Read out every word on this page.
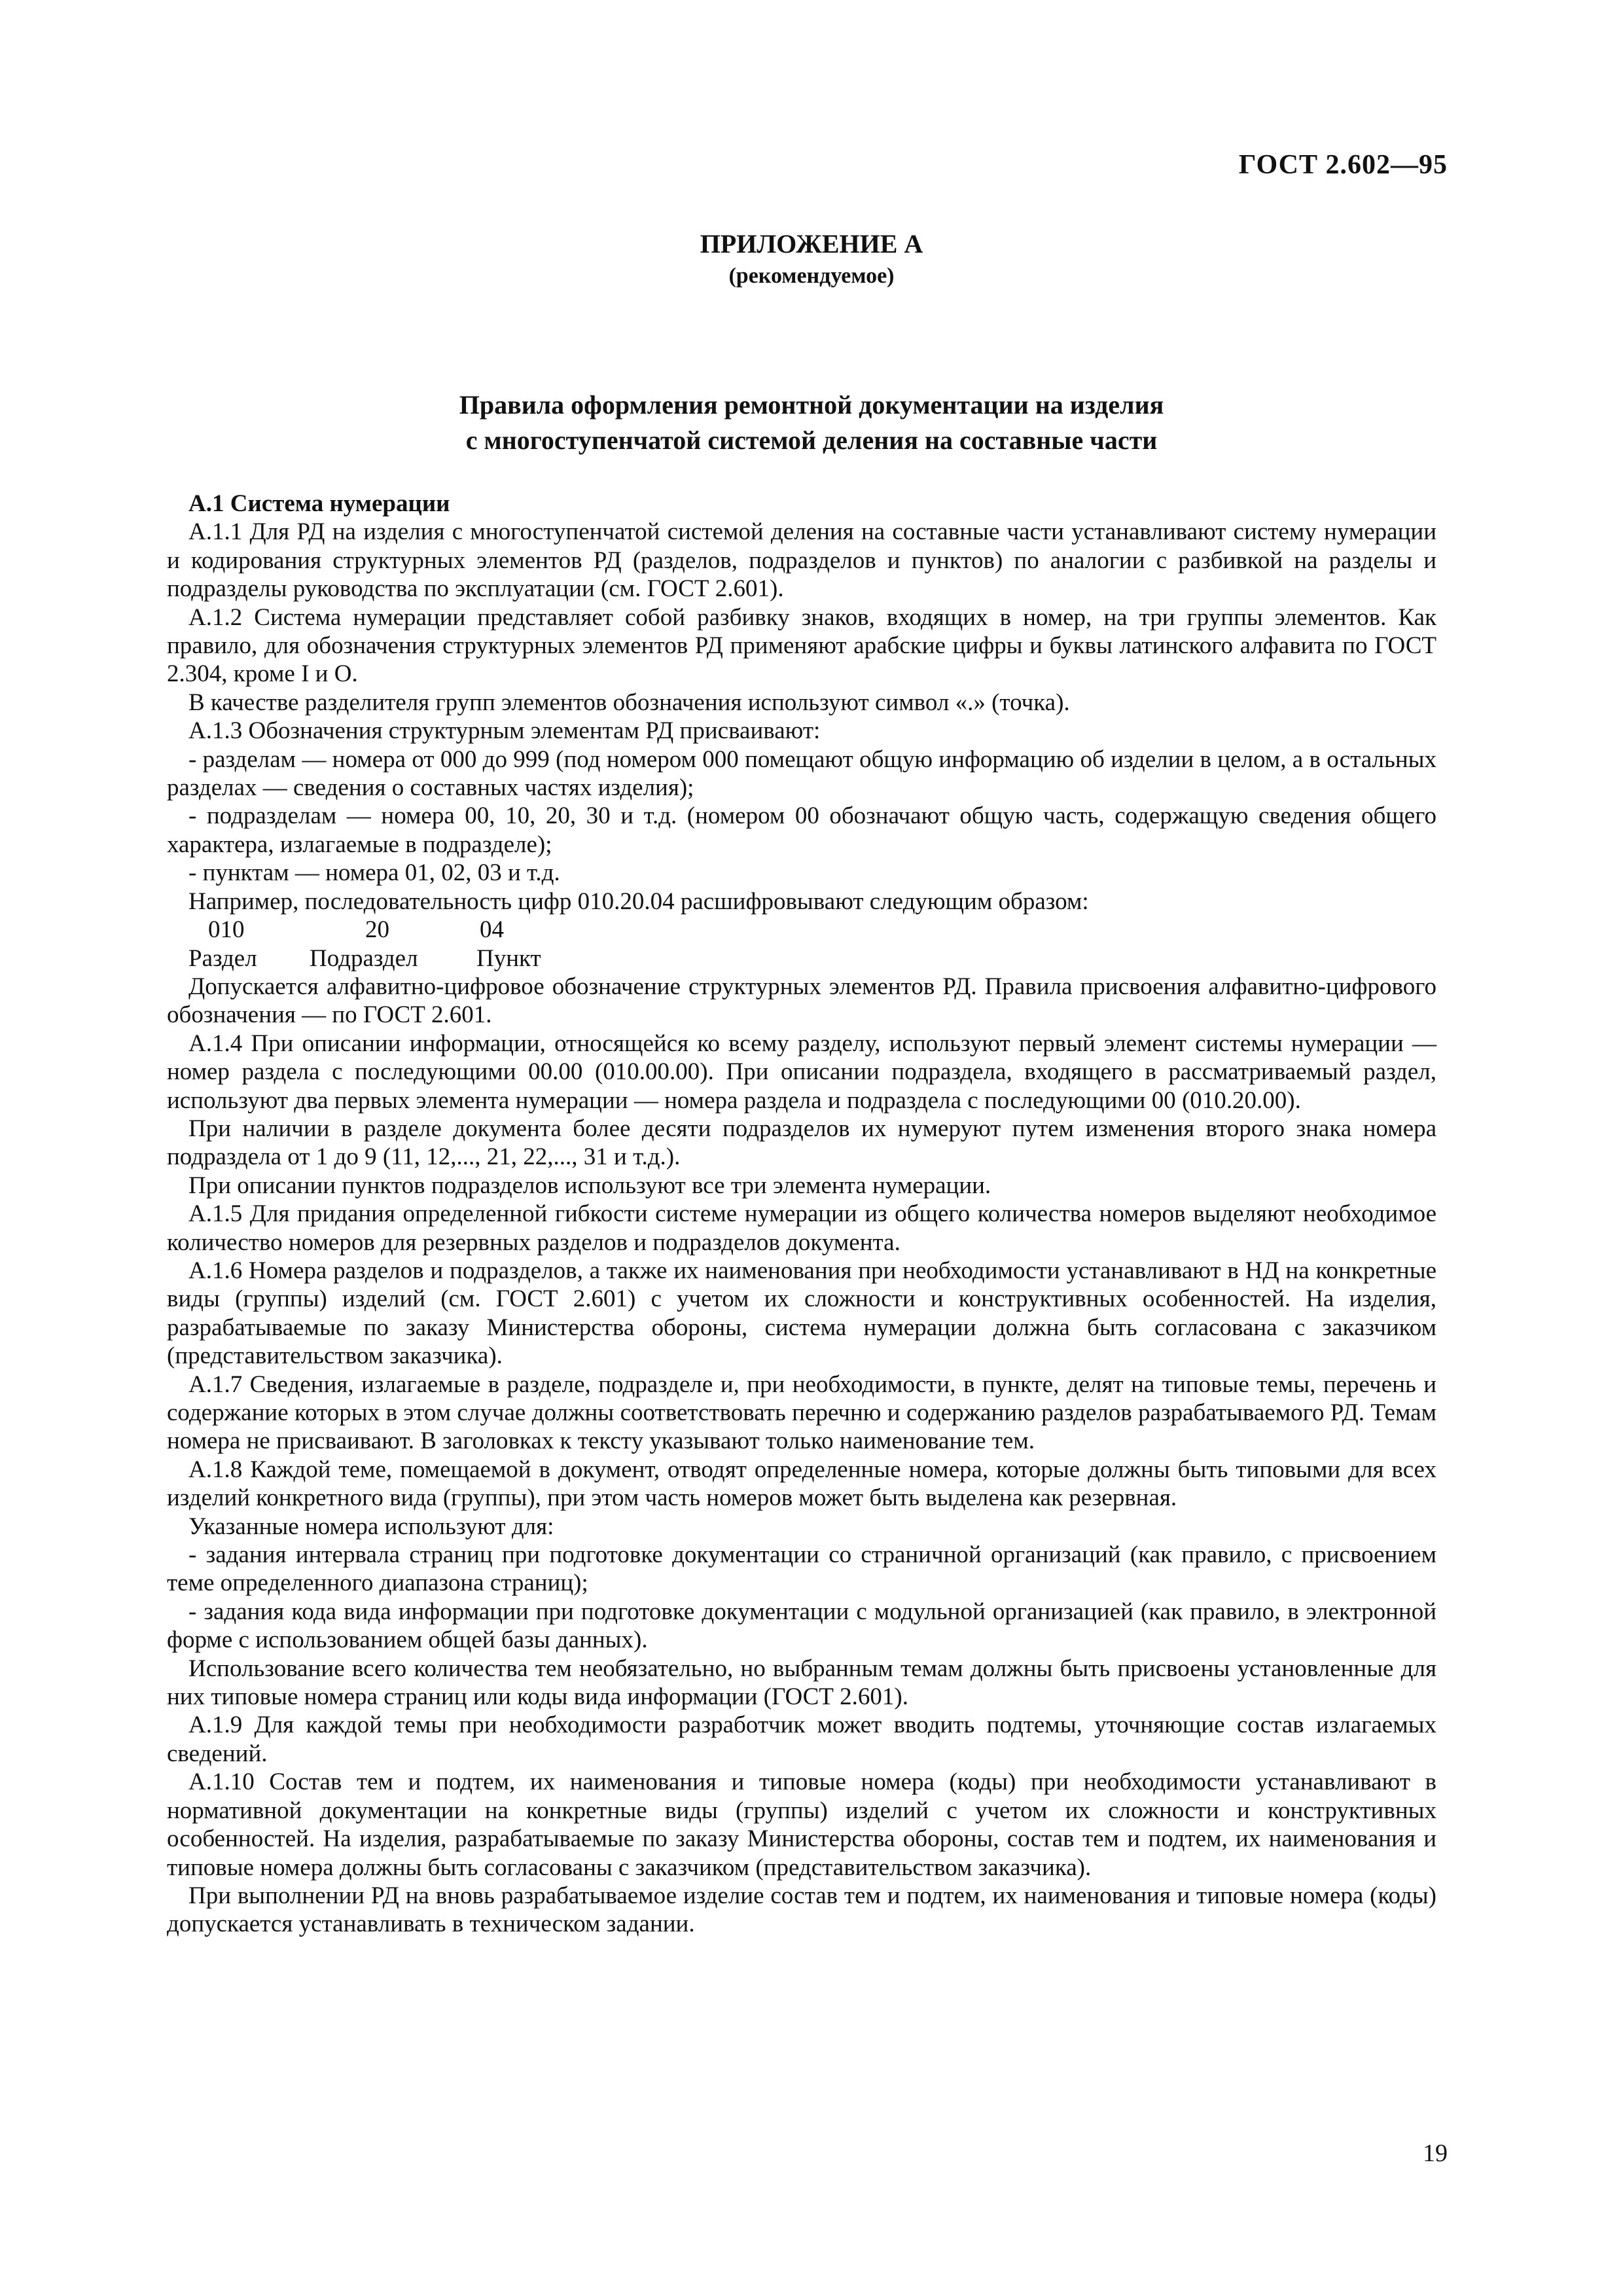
ГОСТ 2.602—95
ПРИЛОЖЕНИЕ А
(рекомендуемое)
Правила оформления ремонтной документации на изделия
с многоступенчатой системой деления на составные части

А.1 Система нумерации

А.1.1 Для РД на изделия с многоступенчатой системой деления на составные части устанавливают систему нумерации и кодирования структурных элементов РД (разделов, подразделов и пунктов) по аналогии с разбивкой на разделы и подразделы руководства по эксплуатации (см. ГОСТ 2.601).

А.1.2 Система нумерации представляет собой разбивку знаков, входящих в номер, на три группы элементов. Как правило, для обозначения структурных элементов РД применяют арабские цифры и буквы латинского алфавита по ГОСТ 2.304, кроме I и O.

В качестве разделителя групп элементов обозначения используют символ «.» (точка).

А.1.3 Обозначения структурным элементам РД присваивают:

- разделам — номера от 000 до 999 (под номером 000 помещают общую информацию об изделии в целом, а в остальных разделах — сведения о составных частях изделия);

- подразделам — номера 00, 10, 20, 30 и т.д. (номером 00 обозначают общую часть, содержащую сведения общего характера, излагаемые в подразделе);

- пунктам — номера 01, 02, 03 и т.д.

Например, последовательность цифр 010.20.04 расшифровывают следующим образом:

010	20	04
Раздел	Подраздел	Пункт

Допускается алфавитно-цифровое обозначение структурных элементов РД. Правила присвоения алфавитно-цифрового обозначения — по ГОСТ 2.601.

А.1.4 При описании информации, относящейся ко всему разделу, используют первый элемент системы нумерации — номер раздела с последующими 00.00 (010.00.00). При описании подраздела, входящего в рассматриваемый раздел, используют два первых элемента нумерации — номера раздела и подраздела с последующими 00 (010.20.00).

При наличии в разделе документа более десяти подразделов их нумеруют путем изменения второго знака номера подраздела от 1 до 9 (11, 12,..., 21, 22,..., 31 и т.д.).

При описании пунктов подразделов используют все три элемента нумерации.

А.1.5 Для придания определенной гибкости системе нумерации из общего количества номеров выделяют необходимое количество номеров для резервных разделов и подразделов документа.

А.1.6 Номера разделов и подразделов, а также их наименования при необходимости устанавливают в НД на конкретные виды (группы) изделий (см. ГОСТ 2.601) с учетом их сложности и конструктивных особенностей. На изделия, разрабатываемые по заказу Министерства обороны, система нумерации должна быть согласована с заказчиком (представительством заказчика).

А.1.7 Сведения, излагаемые в разделе, подразделе и, при необходимости, в пункте, делят на типовые темы, перечень и содержание которых в этом случае должны соответствовать перечню и содержанию разделов разрабатываемого РД. Темам номера не присваивают. В заголовках к тексту указывают только наименование тем.

А.1.8 Каждой теме, помещаемой в документ, отводят определенные номера, которые должны быть типовыми для всех изделий конкретного вида (группы), при этом часть номеров может быть выделена как резервная.

Указанные номера используют для:

- задания интервала страниц при подготовке документации со страничной организаций (как правило, с присвоением теме определенного диапазона страниц);

- задания кода вида информации при подготовке документации с модульной организацией (как правило, в электронной форме с использованием общей базы данных).

Использование всего количества тем необязательно, но выбранным темам должны быть присвоены установленные для них типовые номера страниц или коды вида информации (ГОСТ 2.601).

А.1.9 Для каждой темы при необходимости разработчик может вводить подтемы, уточняющие состав излагаемых сведений.

А.1.10 Состав тем и подтем, их наименования и типовые номера (коды) при необходимости устанавливают в нормативной документации на конкретные виды (группы) изделий с учетом их сложности и конструктивных особенностей. На изделия, разрабатываемые по заказу Министерства обороны, состав тем и подтем, их наименования и типовые номера должны быть согласованы с заказчиком (представительством заказчика).

При выполнении РД на вновь разрабатываемое изделие состав тем и подтем, их наименования и типовые номера (коды) допускается устанавливать в техническом задании.

19
